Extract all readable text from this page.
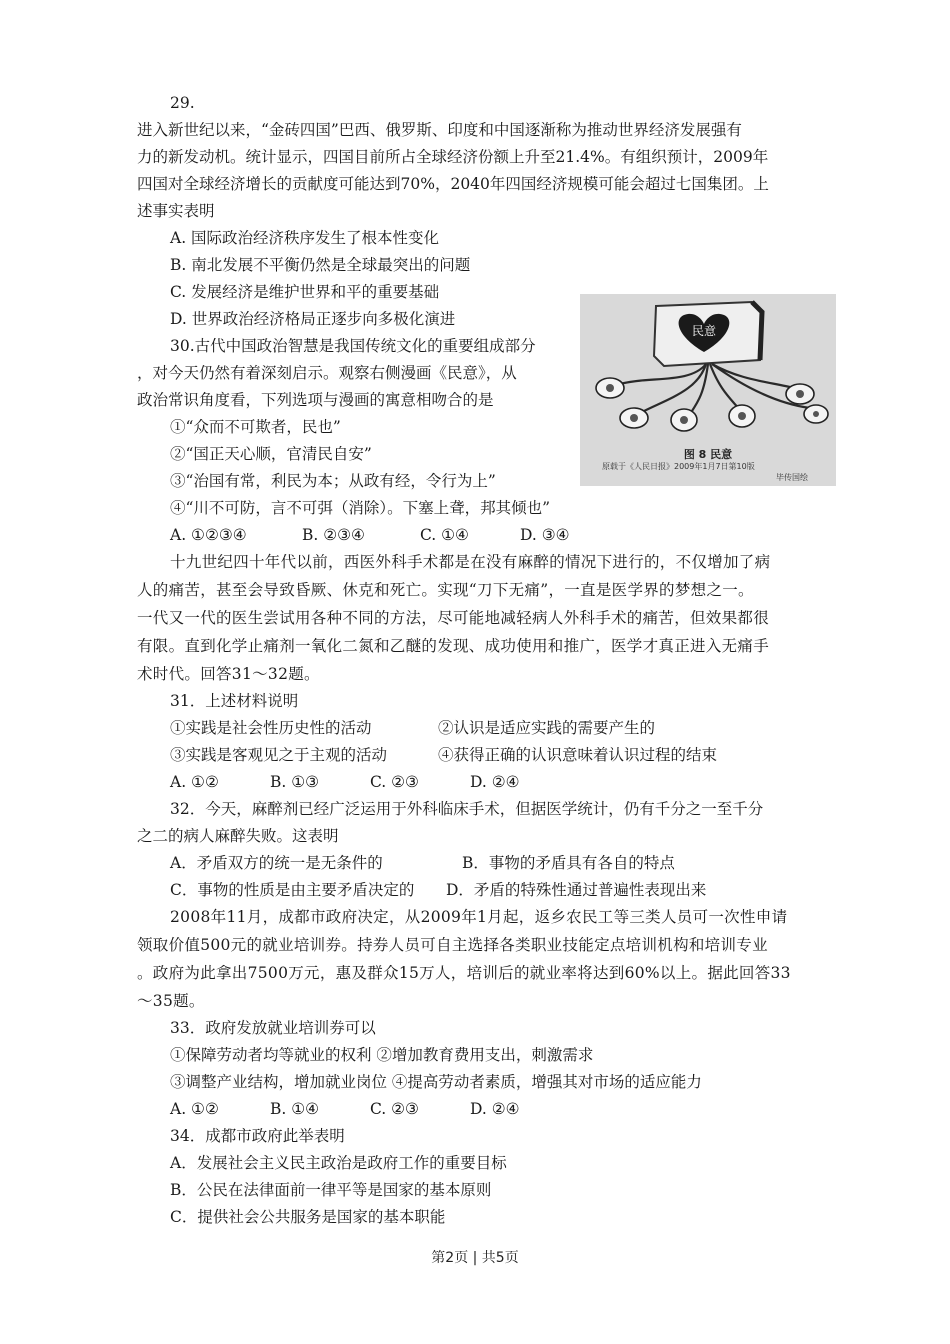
29.
进入新世纪以来，“金砖四国”巴西、俄罗斯、印度和中国逐渐称为推动世界经济发展强有
力的新发动机。统计显示，四国目前所占全球经济份额上升至21.4%。有组织预计，2009年
四国对全球经济增长的贡献度可能达到70%，2040年四国经济规模可能会超过七国集团。上
述事实表明
A. 国际政治经济秩序发生了根本性变化
B. 南北发展不平衡仍然是全球最突出的问题
C. 发展经济是维护世界和平的重要基础
D. 世界政治经济格局正逐步向多极化演进
30.古代中国政治智慧是我国传统文化的重要组成部分
，对今天仍然有着深刻启示。观察右侧漫画《民意》，从
政治常识角度看，下列选项与漫画的寓意相吻合的是
①“众而不可欺者，民也”
②“国正天心顺，官清民自安”
③“治国有常，利民为本；从政有经，令行为上”
④“川不可防，言不可弭（消除）。下塞上聋，邦其倾也”
A. ①②③④	B. ②③④	C. ①④	D. ③④
民意
图 8 民意
原载于《人民日报》2009年1月7日第10版
毕传国绘
十九世纪四十年代以前，西医外科手术都是在没有麻醉的情况下进行的，不仅增加了病
人的痛苦，甚至会导致昏厥、休克和死亡。实现“刀下无痛”，一直是医学界的梦想之一。
一代又一代的医生尝试用各种不同的方法，尽可能地减轻病人外科手术的痛苦，但效果都很
有限。直到化学止痛剂一氧化二氮和乙醚的发现、成功使用和推广，医学才真正进入无痛手
术时代。回答31～32题。
31．上述材料说明
①实践是社会性历史性的活动	②认识是适应实践的需要产生的
③实践是客观见之于主观的活动	④获得正确的认识意味着认识过程的结束
A. ①②	B. ①③	C. ②③	D. ②④
32．今天，麻醉剂已经广泛运用于外科临床手术，但据医学统计，仍有千分之一至千分
之二的病人麻醉失败。这表明
A．矛盾双方的统一是无条件的	B．事物的矛盾具有各自的特点
C．事物的性质是由主要矛盾决定的 D．矛盾的特殊性通过普遍性表现出来
2008年11月，成都市政府决定，从2009年1月起，返乡农民工等三类人员可一次性申请
领取价值500元的就业培训券。持券人员可自主选择各类职业技能定点培训机构和培训专业
。政府为此拿出7500万元，惠及群众15万人，培训后的就业率将达到60%以上。据此回答33
～35题。
33．政府发放就业培训券可以
①保障劳动者均等就业的权利 ②增加教育费用支出，刺激需求
③调整产业结构，增加就业岗位 ④提高劳动者素质，增强其对市场的适应能力
A. ①②	B. ①④	C. ②③	D. ②④
34．成都市政府此举表明
A．发展社会主义民主政治是政府工作的重要目标
B．公民在法律面前一律平等是国家的基本原则
C．提供社会公共服务是国家的基本职能
第2页 | 共5页
